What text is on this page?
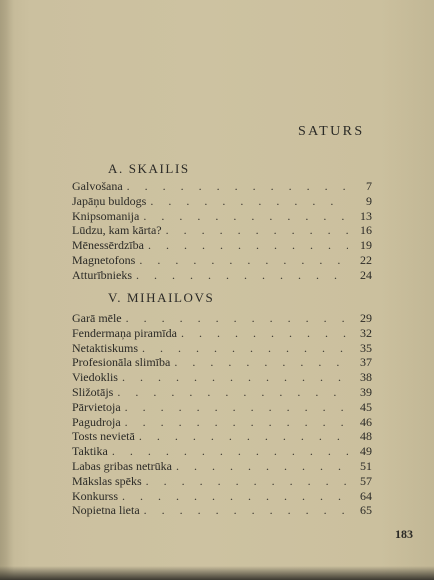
SATURS
A. SKAILIS
Galvošana . . .	7
Japāņu buldogs . . .	9
Knipsomanija . . .	13
Lūdzu, kam kārta? . . .	16
Mēnessērdzība . . .	19
Magnetofons . . .	22
Atturībnieks . . .	24
V. MIHAILOVS
Garā mēle . . .	29
Fendermaņa piramīda . . .	32
Netaktiskums . . .	35
Profesionāla slimība . . .	37
Viedoklis . . .	38
Sližotājs . . .	39
Pārvietoja . . .	45
Pagudroja . . .	46
Tosts nevietā . . .	48
Taktika . . .	49
Labas gribas netrūka . . .	51
Mākslas spēks . . .	57
Konkurss . . .	64
Nopietna lieta . . .	65
183
